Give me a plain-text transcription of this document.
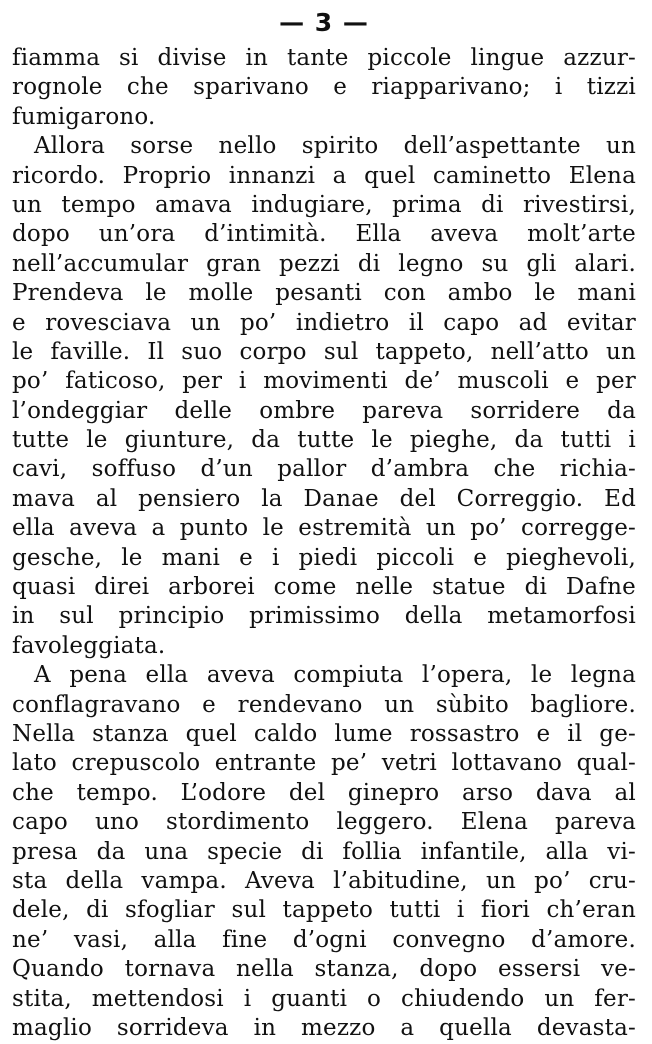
— 3 —
fiamma si divise in tante piccole lingue azzur-
rognole che sparivano e riapparivano; i tizzi
fumigarono.
Allora sorse nello spirito dell’aspettante un
ricordo. Proprio innanzi a quel caminetto Elena
un tempo amava indugiare, prima di rivestirsi,
dopo un’ora d’intimità. Ella aveva molt’arte
nell’accumular gran pezzi di legno su gli alari.
Prendeva le molle pesanti con ambo le mani
e rovesciava un po’ indietro il capo ad evitar
le faville. Il suo corpo sul tappeto, nell’atto un
po’ faticoso, per i movimenti de’ muscoli e per
l’ondeggiar delle ombre pareva sorridere da
tutte le giunture, da tutte le pieghe, da tutti i
cavi, soffuso d’un pallor d’ambra che richia-
mava al pensiero la Danae del Correggio. Ed
ella aveva a punto le estremità un po’ corregge-
gesche, le mani e i piedi piccoli e pieghevoli,
quasi direi arborei come nelle statue di Dafne
in sul principio primissimo della metamorfosi
favoleggiata.
A pena ella aveva compiuta l’opera, le legna
conflagravano e rendevano un sùbito bagliore.
Nella stanza quel caldo lume rossastro e il ge-
lato crepuscolo entrante pe’ vetri lottavano qual-
che tempo. L’odore del ginepro arso dava al
capo uno stordimento leggero. Elena pareva
presa da una specie di follia infantile, alla vi-
sta della vampa. Aveva l’abitudine, un po’ cru-
dele, di sfogliar sul tappeto tutti i fiori ch’eran
ne’ vasi, alla fine d’ogni convegno d’amore.
Quando tornava nella stanza, dopo essersi ve-
stita, mettendosi i guanti o chiudendo un fer-
maglio sorrideva in mezzo a quella devasta-
